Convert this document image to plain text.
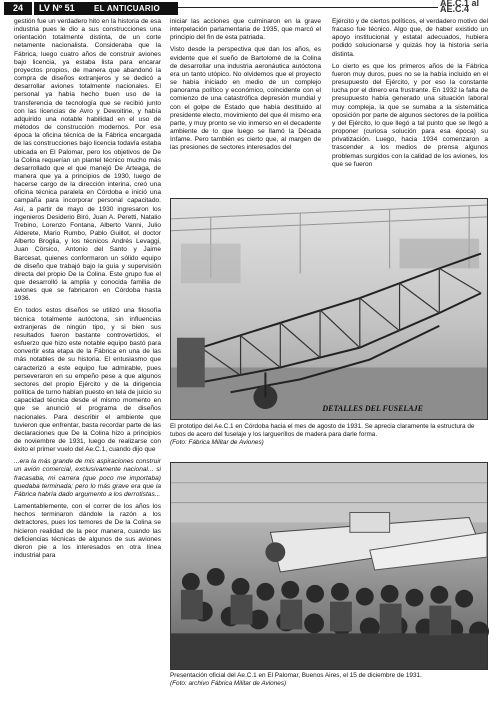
24	LV Nº 51	EL ANTICUARIO
AE.C.1 al AE.C.4

gestión fue un verdadero hito en la historia de esa industria pues le dio a sus construcciones una orientación totalmente distinta, de un corte netamente nacionalista. Consideraba que la Fábrica, luego cuatro años de construir aviones bajo licencia, ya estaba lista para encarar proyectos propios, de manera que abandonó la compra de diseños extranjeros y se dedicó a desarrollar aviones totalmente nacionales. El personal ya había hecho buen uso de la transferencia de tecnología que se recibió junto con las licencias de Avro y Dewoitine, y había adquirido una notable habilidad en el uso de métodos de construcción modernos. Por esa época la oficina técnica de la Fábrica encargada de las construcciones bajo licencia todavía estaba ubicada en El Palomar, pero los objetivos de De la Colina requerían un plantel técnico mucho más desarrollado que el que manejó De Arteaga, de manera que ya a principios de 1930, luego de hacerse cargo de la dirección interina, creó una oficina técnica paralela en Córdoba e inició una campaña para incorporar personal capacitado. Así, a partir de mayo de 1930 ingresaron los ingenieros Desiderio Biró, Juan A. Peretti, Natalio Trebino, Lorenzo Fontana, Alberto Vanni, Julio Alderete, Mario Rumbo, Pablo Guillot, el doctor Alberto Broglia, y los técnicos Andrés Levaggi, Juan Cörsico, Antonio del Santo y Jaime Barcesat, quienes conformaron un sólido equipo de diseño que trabajó bajo la guía y supervisión directa del propio De la Colina. Este grupo fue el que desarrolló la amplia y conocida familia de aviones que se fabricaron en Córdoba hasta 1936.

En todos estos diseños se utilizó una filosofía técnica totalmente autóctona, sin influencias extranjeras de ningún tipo, y si bien sus resultados fueron bastante controvertidos, el esfuerzo que hizo este notable equipo bastó para convertir esta etapa de la Fábrica en una de las más notables de su historia. El entusiasmo que caracterizó a este equipo fue admirable, pues perseveraron en su empeño pese a que algunos sectores del propio Ejército y de la dirigencia política de turno habían puesto en tela de juicio su capacidad técnica desde el mismo momento en que se anunció el programa de diseños nacionales. Para describir el ambiente que tuvieron que enfrentar, basta recordar parte de las declaraciones que De la Colina hizo a principios de noviembre de 1931, luego de realizarse con éxito el primer vuelo del Ae.C.1, cuando dijo que

...era la más grande de mis aspiraciones construir un avión comercial, exclusivamente nacional... si fracasaba, mi carrera (que poco me importaba) quedaba terminada; pero lo más grave era que la Fábrica habría dado argumento a los derrotistas...

Lamentablemente, con el correr de los años los hechos terminaron dándole la razón a los detractores, pues los temores de De la Colina se hicieron realidad de la peor manera, cuando las deficiencias técnicas de algunos de sus aviones dieron pie a los interesados en otra línea industrial para

iniciar las acciones que culminaron en la grave interpelación parlamentaria de 1935, que marcó el principio del fin de esta patriada.

Visto desde la perspectiva que dan los años, es evidente que el sueño de Bartolomé de la Colina de desarrollar una industria aeronáutica autóctona era un tanto utópico. No olvidemos que el proyecto se había iniciado en medio de un complejo panorama político y económico, coincidente con el comienzo de una catastrófica depresión mundial y con el golpe de Estado que había destituido al presidente electo, movimiento del que él mismo era parte, y muy pronto se vio inmerso en el decadente ambiente de lo que luego se llamó la Década Infame. Pero también es cierto que, al margen de las presiones de sectores interesados del

Ejército y de ciertos políticos, el verdadero motivo del fracaso fue técnico. Algo que, de haber existido un apoyo institucional y estatal adecuados, hubiera podido solucionarse y quizás hoy la historia sería distinta.

Lo cierto es que los primeros años de la Fábrica fueron muy duros, pues no se la había incluido en el presupuesto del Ejército, y por eso la constante lucha por el dinero era frustrante. En 1932 la falta de presupuesto había generado una situación laboral muy compleja, la que se sumaba a la sistemática oposición por parte de algunos sectores de la política y del Ejército, lo que llegó a tal punto que se llegó a proponer (curiosa solución para esa época) su privatización. Luego, hacia 1934 comenzaron a trascender a los medios de prensa algunos problemas surgidos con la calidad de los aviones, los que se fueron

DETALLES DEL FUSELAJE
El prototipo del Ae.C.1 en Córdoba hacia el mes de agosto de 1931. Se aprecia claramente la estructura de tubos de acero del fuselaje y los largueríllos de madera para darle forma.
(Foto: Fábrica Militar de Aviones)
Presentación oficial del Ae.C.1 en El Palomar, Buenos Aires, el 15 de diciembre de 1931.
(Foto: archivo Fábrica Militar de Aviones)
